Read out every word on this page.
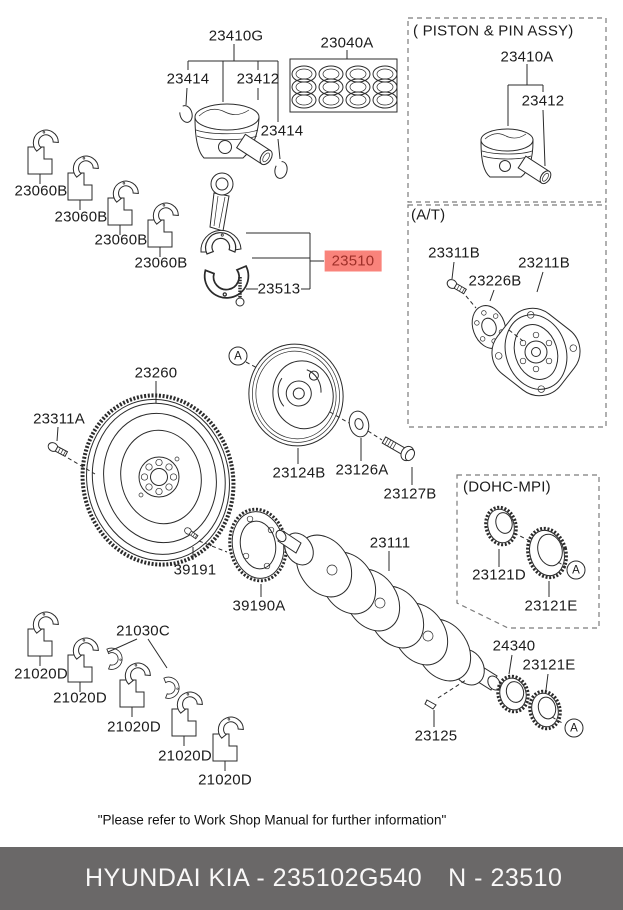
( PISTON & PIN ASSY)
(A/T)
(DOHC-MPI)
23410G
23414 23412
23040A
23414
23060B
23060B
23060B
23060B	23510
23513
23410A
23412
23311B
23226B
23211B
23260
23311A
23124B 23126A
23127B
23121D
23121E
24340
23121E
39191
39190A
23111
23125
21030C
21020D
21020D
21020D
21020D
21020D
A
A
A
"Please refer to Work Shop Manual for further information"
HYUNDAI KIA - 235102G540 N - 23510
